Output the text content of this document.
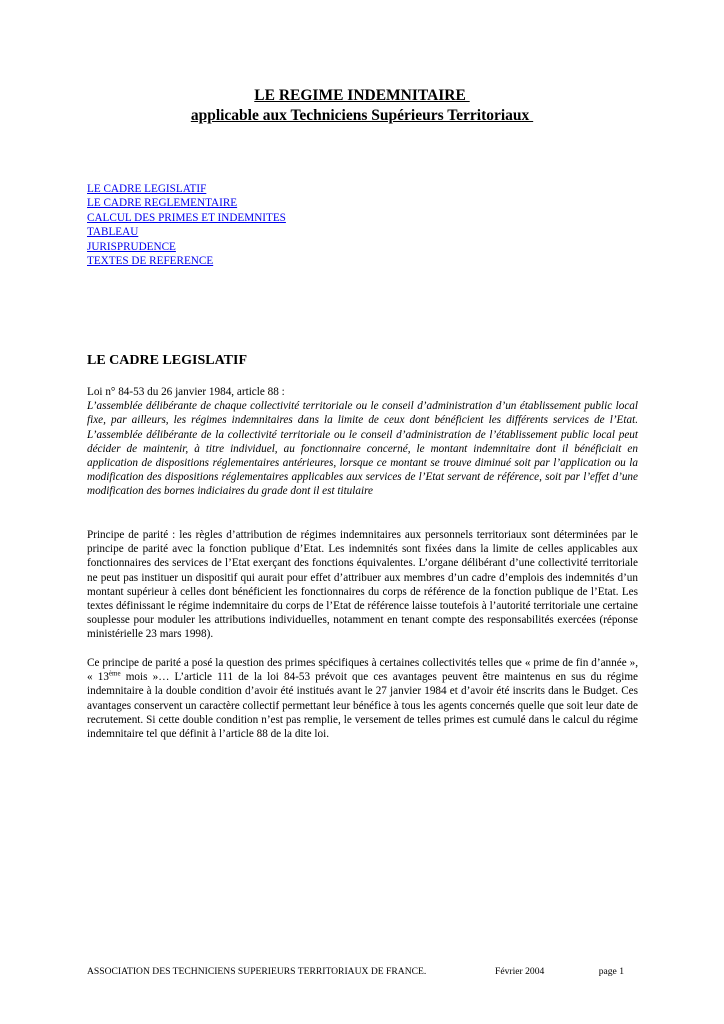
LE REGIME INDEMNITAIRE
applicable aux Techniciens Supérieurs Territoriaux
LE CADRE LEGISLATIF
LE CADRE REGLEMENTAIRE
CALCUL DES PRIMES ET INDEMNITES
TABLEAU
JURISPRUDENCE
TEXTES DE REFERENCE
LE CADRE LEGISLATIF
Loi n° 84-53 du 26 janvier 1984, article 88 :
L’assemblée délibérante de chaque collectivité territoriale ou le conseil d’administration d’un établissement public local fixe, par ailleurs, les régimes indemnitaires dans la limite de ceux dont bénéficient les différents services de l’Etat. L’assemblée délibérante de la collectivité territoriale ou le conseil d’administration de l’établissement public local peut décider de maintenir, à titre individuel, au fonctionnaire concerné, le montant indemnitaire dont il bénéficiait en application de dispositions réglementaires antérieures, lorsque ce montant se trouve diminué soit par l’application ou la modification des dispositions réglementaires applicables aux services de l’Etat servant de référence, soit par l’effet d’une modification des bornes indiciaires du grade dont il est titulaire
Principe de parité : les règles d’attribution de régimes indemnitaires aux personnels territoriaux sont déterminées par le principe de parité avec la fonction publique d’Etat. Les indemnités sont fixées dans la limite de celles applicables aux fonctionnaires des services de l’Etat exerçant des fonctions équivalentes. L’organe délibérant d’une collectivité territoriale ne peut pas instituer un dispositif qui aurait pour effet d’attribuer aux membres d’un cadre d’emplois des indemnités d’un montant supérieur à celles dont bénéficient les fonctionnaires du corps de référence de la fonction publique de l’Etat. Les textes définissant le régime indemnitaire du corps de l’Etat de référence laisse toutefois à l’autorité territoriale une certaine souplesse pour moduler les attributions individuelles, notamment en tenant compte des responsabilités exercées (réponse ministérielle 23 mars 1998).
Ce principe de parité a posé la question des primes spécifiques à certaines collectivités telles que « prime de fin d’année », « 13ème mois »… L’article 111 de la loi 84-53 prévoit que ces avantages peuvent être maintenus en sus du régime indemnitaire à la double condition d’avoir été institués avant le 27 janvier 1984 et d’avoir été inscrits dans le Budget. Ces avantages conservent un caractère collectif permettant leur bénéfice à tous les agents concernés quelle que soit leur date de recrutement. Si cette double condition n’est pas remplie, le versement de telles primes est cumulé dans le calcul du régime indemnitaire tel que définit à l’article 88 de la dite loi.
ASSOCIATION DES TECHNICIENS SUPERIEURS TERRITORIAUX DE FRANCE.	Février 2004	page 1
